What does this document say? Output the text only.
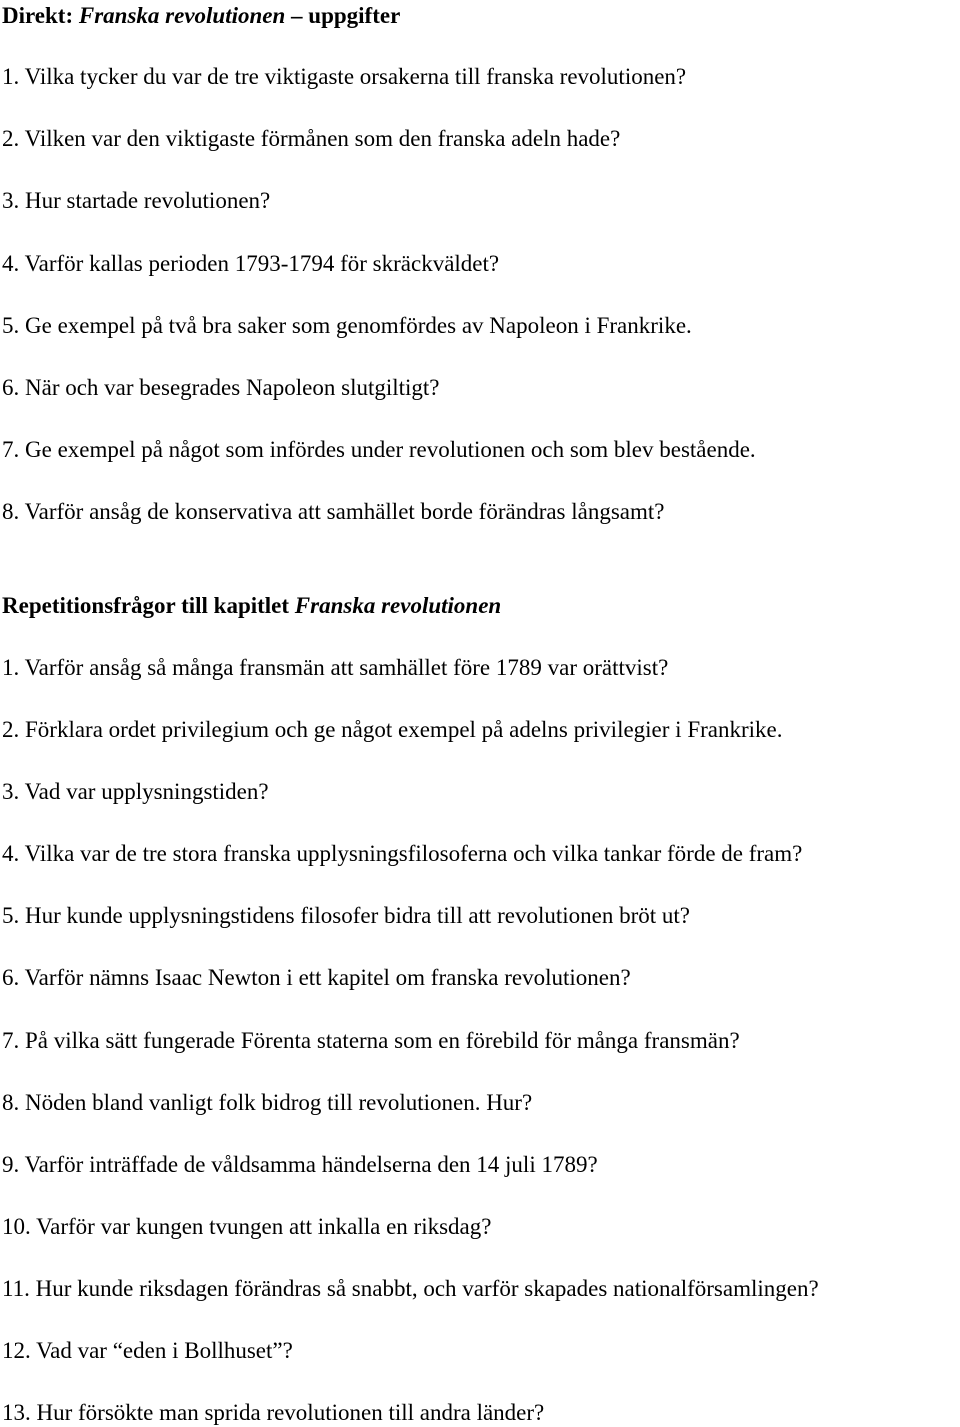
Direkt: Franska revolutionen – uppgifter
1. Vilka tycker du var de tre viktigaste orsakerna till franska revolutionen?
2. Vilken var den viktigaste förmånen som den franska adeln hade?
3. Hur startade revolutionen?
4. Varför kallas perioden 1793-1794 för skräckväldet?
5. Ge exempel på två bra saker som genomfördes av Napoleon i Frankrike.
6. När och var besegrades Napoleon slutgiltigt?
7. Ge exempel på något som infördes under revolutionen och som blev bestående.
8. Varför ansåg de konservativa att samhället borde förändras långsamt?
Repetitionsfrågor till kapitlet Franska revolutionen
1. Varför ansåg så många fransmän att samhället före 1789 var orättvist?
2. Förklara ordet privilegium och ge något exempel på adelns privilegier i Frankrike.
3. Vad var upplysningstiden?
4. Vilka var de tre stora franska upplysningsfilosoferna och vilka tankar förde de fram?
5. Hur kunde upplysningstidens filosofer bidra till att revolutionen bröt ut?
6. Varför nämns Isaac Newton i ett kapitel om franska revolutionen?
7. På vilka sätt fungerade Förenta staterna som en förebild för många fransmän?
8. Nöden bland vanligt folk bidrog till revolutionen. Hur?
9. Varför inträffade de våldsamma händelserna den 14 juli 1789?
10. Varför var kungen tvungen att inkalla en riksdag?
11. Hur kunde riksdagen förändras så snabbt, och varför skapades nationalförsamlingen?
12. Vad var “eden i Bollhuset”?
13. Hur försökte man sprida revolutionen till andra länder?
